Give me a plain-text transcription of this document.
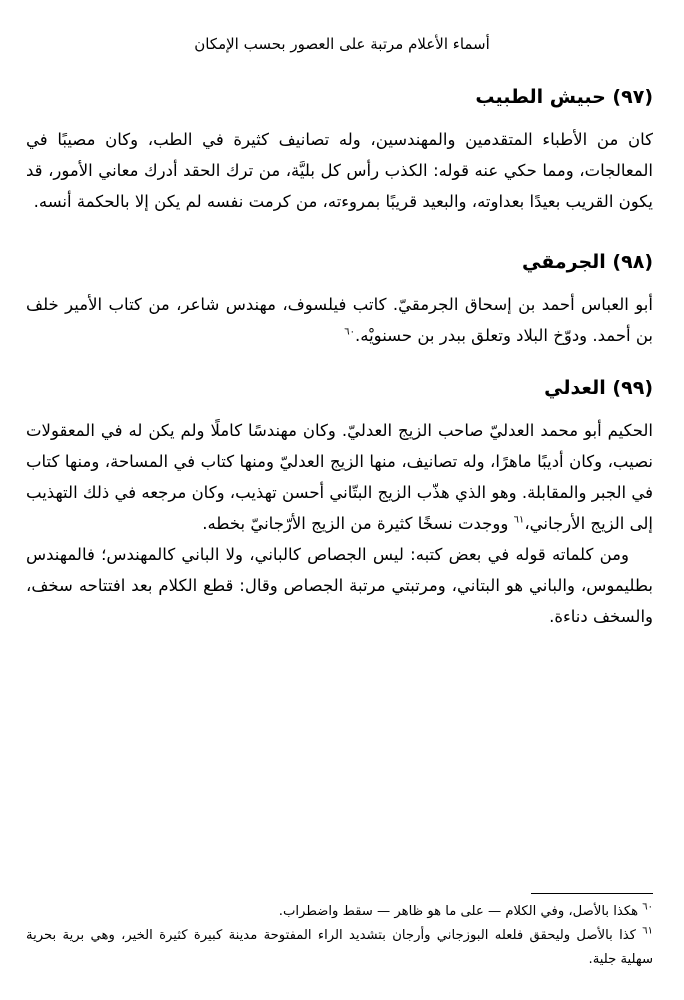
أسماء الأعلام مرتبة على العصور بحسب الإمكان
(٩٧) حبيش الطبيب

كان من الأطباء المتقدمين والمهندسين، وله تصانيف كثيرة في الطب، وكان مصيبًا في المعالجات، ومما حكي عنه قوله: الكذب رأس كل بليَّة، من ترك الحقد أدرك معاني الأمور، قد يكون القريب بعيدًا بعداوته، والبعيد قريبًا بمروءته، من كرمت نفسه لم يكن إلا بالحكمة أنسه.

(٩٨) الجرمقي

أبو العباس أحمد بن إسحاق الجرمقيّ. كاتب فيلسوف، مهندس شاعر، من كتاب الأمير خلف بن أحمد. ودوّخ البلاد وتعلق ببدر بن حسنويْه.$^{٦٠}$

(٩٩) العدلي

الحكيم أبو محمد العدليّ صاحب الزيج العدليّ. وكان مهندسًا كاملًا ولم يكن له في المعقولات نصيب، وكان أديبًا ماهرًا، وله تصانيف، منها الزيج العدليّ ومنها كتاب في المساحة، ومنها كتاب في الجبر والمقابلة. وهو الذي هذّب الزيج البتّاني أحسن تهذيب، وكان مرجعه في ذلك التهذيب إلى الزيج الأرجاني،$^{٦١}$ ووجدت نسخًا كثيرة من الزيج الأرّجانيّ بخطه.

ومن كلماته قوله في بعض كتبه: ليس الجصاص كالباني، ولا الباني كالمهندس؛ فالمهندس بطليموس، والباني هو البتاني، ومرتبتي مرتبة الجصاص وقال: قطع الكلام بعد افتتاحه سخف، والسخف دناءة.

$^{٦٠}$ هكذا بالأصل، وفي الكلام — على ما هو ظاهر — سقط واضطراب.

$^{٦١}$ كذا بالأصل وليحقق فلعله البوزجاني وأرجان بتشديد الراء المفتوحة مدينة كبيرة كثيرة الخير، وهي برية بحرية سهلية جلية.
